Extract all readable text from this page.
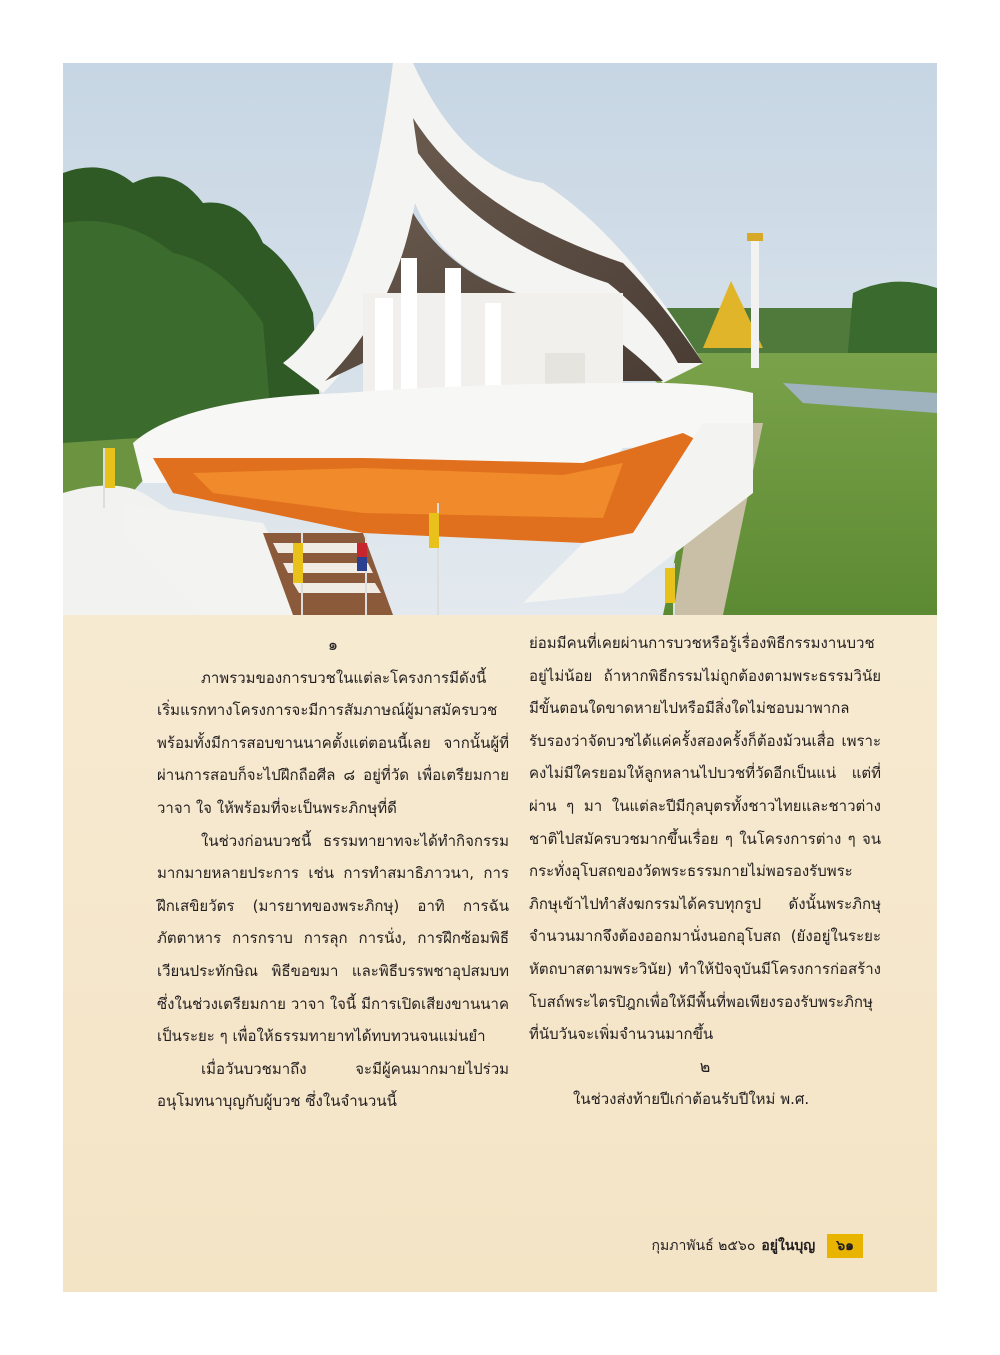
๑

ภาพรวมของการบวชในแต่ละโครงการมีดังนี้ เริ่มแรกทางโครงการจะมีการสัมภาษณ์ผู้มาสมัครบวช พร้อมทั้งมีการสอบขานนาคตั้งแต่ตอนนี้เลย จากนั้นผู้ที่ผ่านการสอบก็จะไปฝึกถือศีล ๘ อยู่ที่วัด เพื่อเตรียมกาย วาจา ใจ ให้พร้อมที่จะเป็นพระภิกษุที่ดี

ในช่วงก่อนบวชนี้ ธรรมทายาทจะได้ทำกิจกรรมมากมายหลายประการ เช่น การทำสมาธิภาวนา, การฝึกเสขิยวัตร (มารยาทของพระภิกษุ) อาทิ การฉันภัตตาหาร การกราบ การลุก การนั่ง, การฝึกซ้อมพิธีเวียนประทักษิณ พิธีขอขมา และพิธีบรรพชาอุปสมบท ซึ่งในช่วงเตรียมกาย วาจา ใจนี้ มีการเปิดเสียงขานนาคเป็นระยะ ๆ เพื่อให้ธรรมทายาทได้ทบทวนจนแม่นยำ

เมื่อวันบวชมาถึง จะมีผู้คนมากมายไปร่วมอนุโมทนาบุญกับผู้บวช ซึ่งในจำนวนนี้

ย่อมมีคนที่เคยผ่านการบวชหรือรู้เรื่องพิธีกรรมงานบวชอยู่ไม่น้อย ถ้าหากพิธีกรรมไม่ถูกต้องตามพระธรรมวินัย มีขั้นตอนใดขาดหายไปหรือมีสิ่งใดไม่ชอบมาพากล รับรองว่าจัดบวชได้แค่ครั้งสองครั้งก็ต้องม้วนเสื่อ เพราะคงไม่มีใครยอมให้ลูกหลานไปบวชที่วัดอีกเป็นแน่ แต่ที่ผ่าน ๆ มา ในแต่ละปีมีกุลบุตรทั้งชาวไทยและชาวต่างชาติไปสมัครบวชมากขึ้นเรื่อย ๆ ในโครงการต่าง ๆ จนกระทั่งอุโบสถของวัดพระธรรมกายไม่พอรองรับพระภิกษุเข้าไปทำสังฆกรรมได้ครบทุกรูป ดังนั้นพระภิกษุจำนวนมากจึงต้องออกมานั่งนอกอุโบสถ (ยังอยู่ในระยะหัตถบาสตามพระวินัย) ทำให้ปัจจุบันมีโครงการก่อสร้างโบสถ์พระไตรปิฎกเพื่อให้มีพื้นที่พอเพียงรองรับพระภิกษุที่นับวันจะเพิ่มจำนวนมากขึ้น

๒

ในช่วงส่งท้ายปีเก่าต้อนรับปีใหม่ พ.ศ.

กุมภาพันธ์ ๒๕๖๐ อยู่ในบุญ	๖๑
